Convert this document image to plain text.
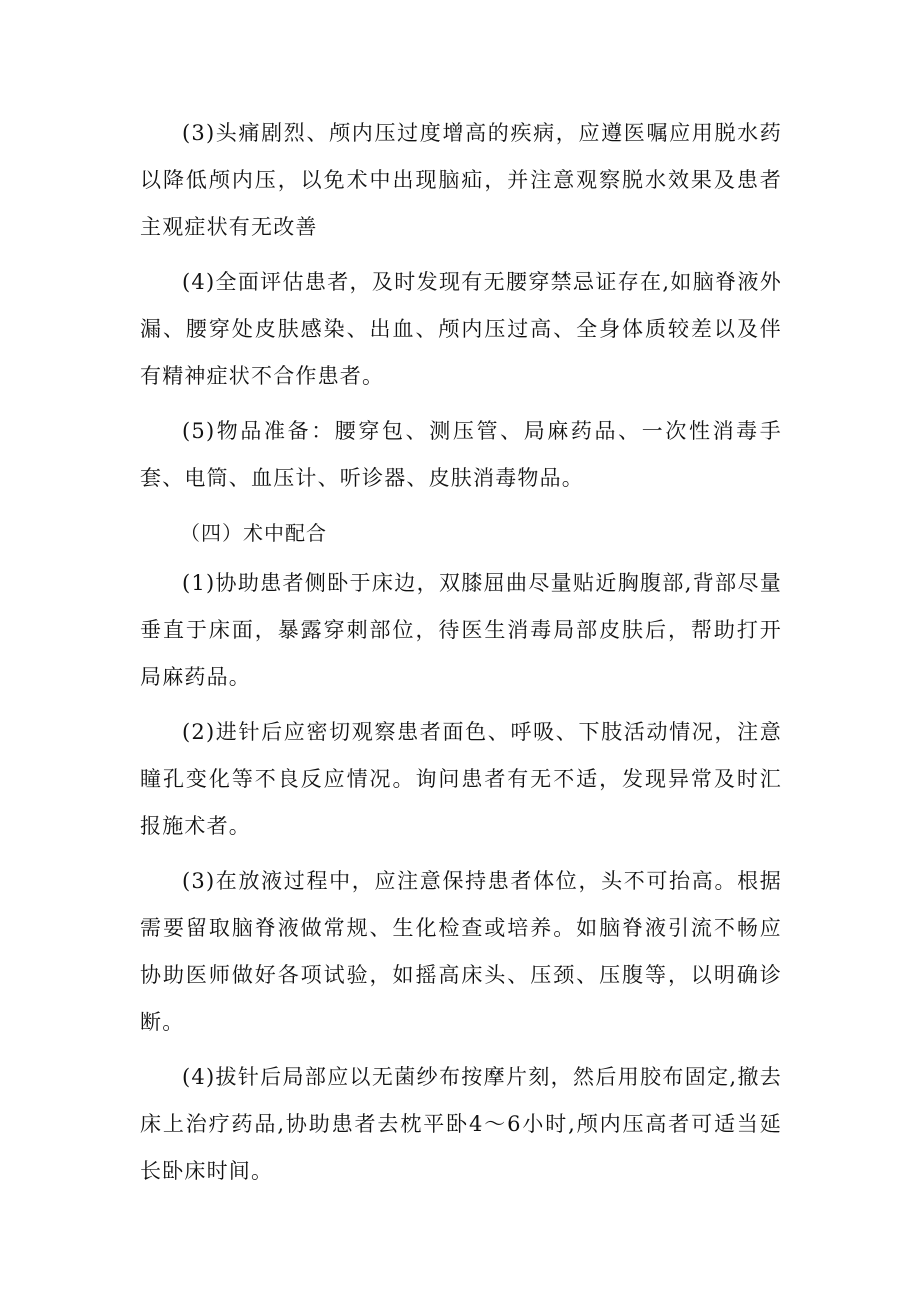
(3)头痛剧烈、颅内压过度增高的疾病，应遵医嘱应用脱水药以降低颅内压，以免术中出现脑疝，并注意观察脱水效果及患者主观症状有无改善

(4)全面评估患者，及时发现有无腰穿禁忌证存在,如脑脊液外漏、腰穿处皮肤感染、出血、颅内压过高、全身体质较差以及伴有精神症状不合作患者。

(5)物品准备：腰穿包、测压管、局麻药品、一次性消毒手套、电筒、血压计、听诊器、皮肤消毒物品。

（四）术中配合

(1)协助患者侧卧于床边，双膝屈曲尽量贴近胸腹部,背部尽量垂直于床面，暴露穿刺部位，待医生消毒局部皮肤后，帮助打开局麻药品。

(2)进针后应密切观察患者面色、呼吸、下肢活动情况，注意瞳孔变化等不良反应情况。询问患者有无不适，发现异常及时汇报施术者。

(3)在放液过程中，应注意保持患者体位，头不可抬高。根据需要留取脑脊液做常规、生化检查或培养。如脑脊液引流不畅应协助医师做好各项试验，如摇高床头、压颈、压腹等，以明确诊断。

(4)拔针后局部应以无菌纱布按摩片刻，然后用胶布固定,撤去床上治疗药品,协助患者去枕平卧4～6小时,颅内压高者可适当延长卧床时间。
